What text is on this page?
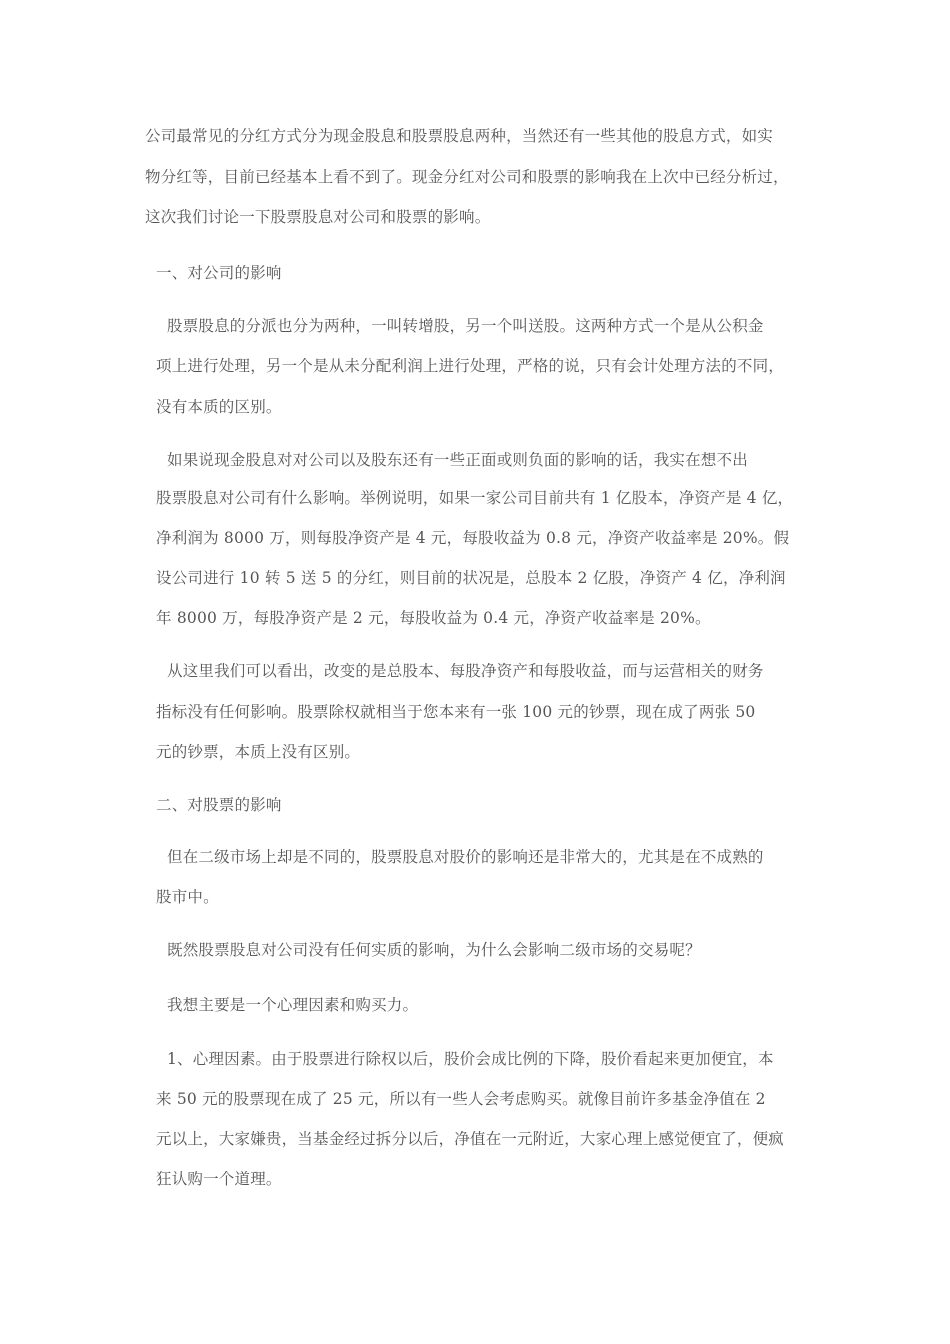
公司最常见的分红方式分为现金股息和股票股息两种，当然还有一些其他的股息方式，如实
物分红等，目前已经基本上看不到了。现金分红对公司和股票的影响我在上次中已经分析过，
这次我们讨论一下股票股息对公司和股票的影响。
一、对公司的影响
股票股息的分派也分为两种，一叫转增股，另一个叫送股。这两种方式一个是从公积金
项上进行处理，另一个是从未分配利润上进行处理，严格的说，只有会计处理方法的不同，
没有本质的区别。
如果说现金股息对对公司以及股东还有一些正面或则负面的影响的话，我实在想不出
股票股息对公司有什么影响。举例说明，如果一家公司目前共有 1 亿股本，净资产是 4 亿，
净利润为 8000 万，则每股净资产是 4 元，每股收益为 0.8 元，净资产收益率是 20%。假
设公司进行 10 转 5 送 5 的分红，则目前的状况是，总股本 2 亿股，净资产 4 亿，净利润
年 8000 万，每股净资产是 2 元，每股收益为 0.4 元，净资产收益率是 20%。
从这里我们可以看出，改变的是总股本、每股净资产和每股收益，而与运营相关的财务
指标没有任何影响。股票除权就相当于您本来有一张 100 元的钞票，现在成了两张 50
元的钞票，本质上没有区别。
二、对股票的影响
但在二级市场上却是不同的，股票股息对股价的影响还是非常大的，尤其是在不成熟的
股市中。
既然股票股息对公司没有任何实质的影响，为什么会影响二级市场的交易呢？
我想主要是一个心理因素和购买力。
1、心理因素。由于股票进行除权以后，股价会成比例的下降，股价看起来更加便宜，本
来 50 元的股票现在成了 25 元，所以有一些人会考虑购买。就像目前许多基金净值在 2
元以上，大家嫌贵，当基金经过拆分以后，净值在一元附近，大家心理上感觉便宜了，便疯
狂认购一个道理。
